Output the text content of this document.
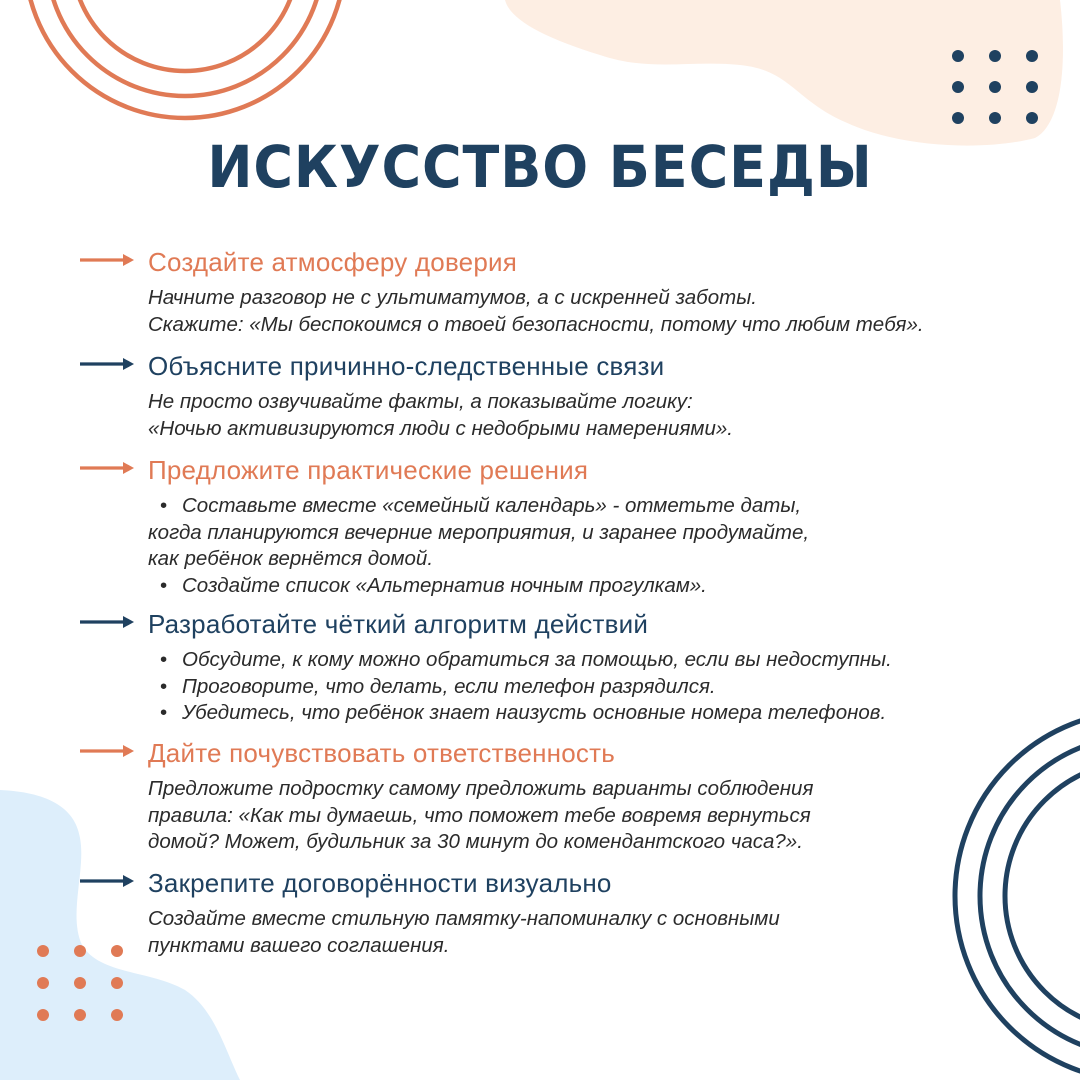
ИСКУССТВО БЕСЕДЫ
Создайте атмосферу доверия
Начните разговор не с ультиматумов, а с искренней заботы.
Скажите: «Мы беспокоимся о твоей безопасности, потому что любим тебя».
Объясните причинно-следственные связи
Не просто озвучивайте факты, а показывайте логику:
«Ночью активизируются люди с недобрыми намерениями».
Предложите практические решения
• Составьте вместе «семейный календарь» - отметьте даты,
когда планируются вечерние мероприятия, и заранее продумайте,
как ребёнок вернётся домой.
• Создайте список «Альтернатив ночным прогулкам».
Разработайте чёткий алгоритм действий
• Обсудите, к кому можно обратиться за помощью, если вы недоступны.
• Проговорите, что делать, если телефон разрядился.
• Убедитесь, что ребёнок знает наизусть основные номера телефонов.
Дайте почувствовать ответственность
Предложите подростку самому предложить варианты соблюдения
правила: «Как ты думаешь, что поможет тебе вовремя вернуться
домой? Может, будильник за 30 минут до комендантского часа?».
Закрепите договорённости визуально
Создайте вместе стильную памятку-напоминалку с основными
пунктами вашего соглашения.
